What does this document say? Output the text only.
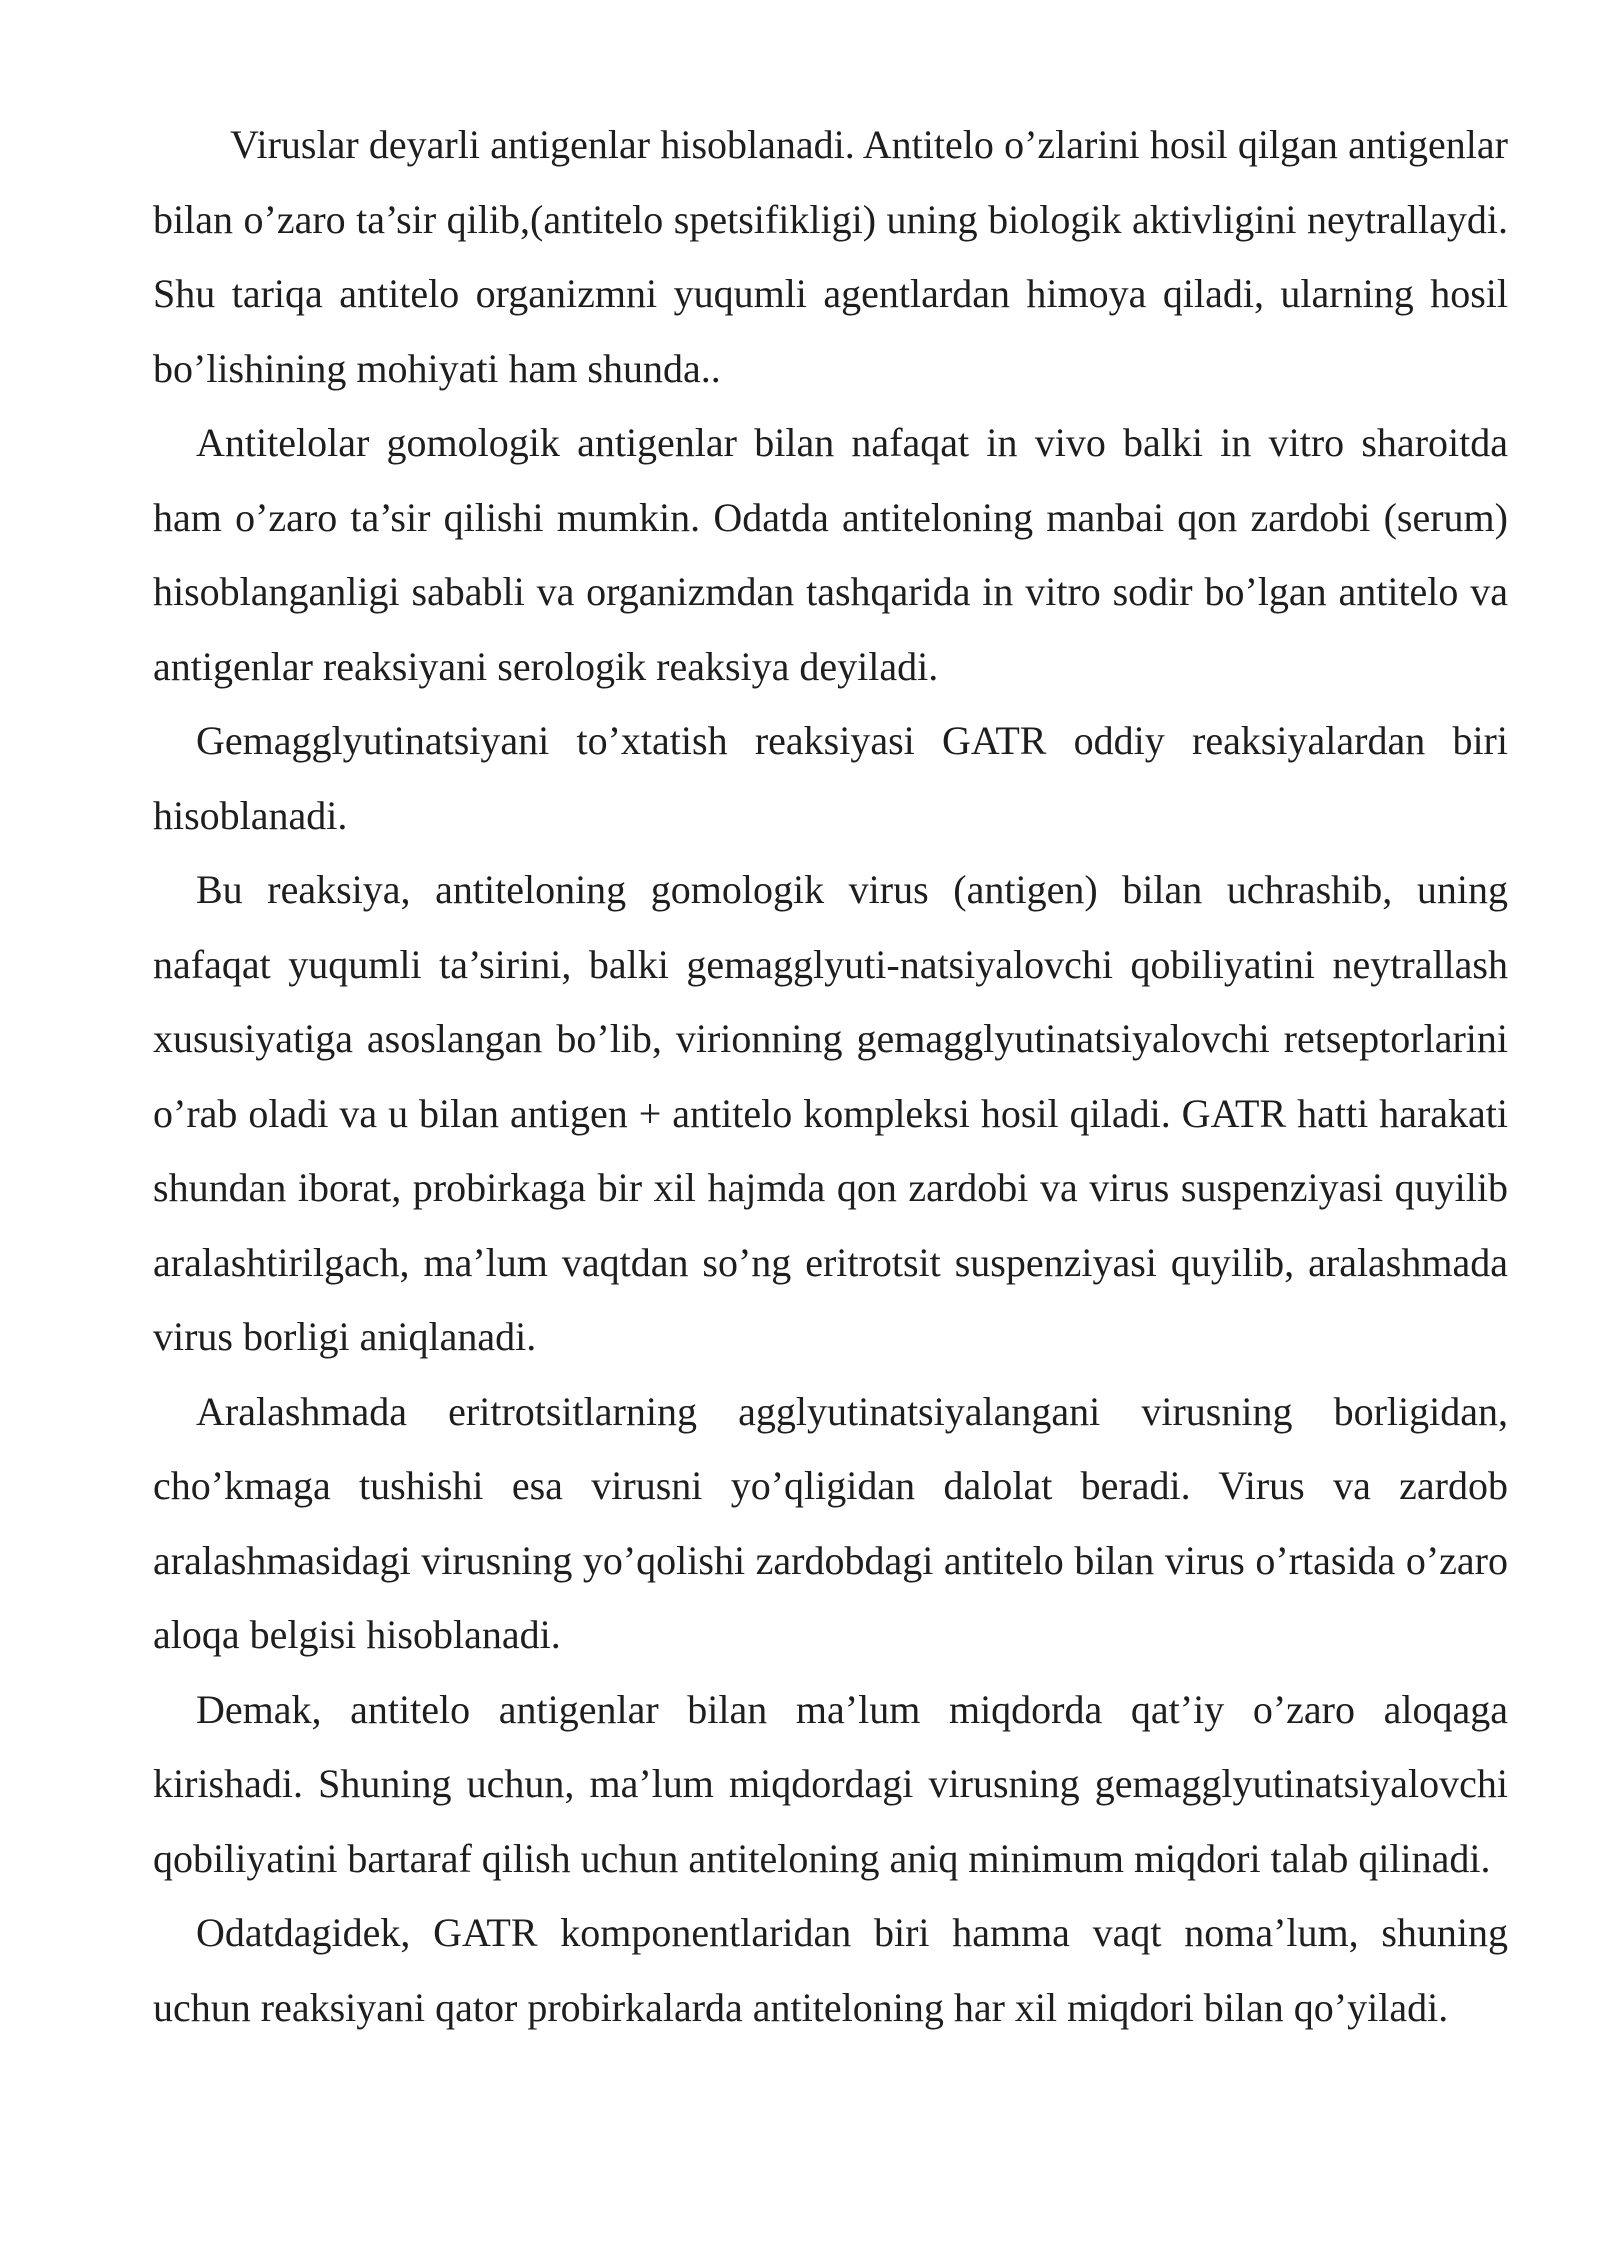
Viruslar deyarli antigenlar hisoblanadi. Antitelo o’zlarini hosil qilgan antigenlar bilan o’zaro ta’sir qilib,(antitelo spetsifikligi) uning biologik aktivligini neytrallaydi. Shu tariqa antitelo organizmni yuqumli agentlardan himoya qiladi, ularning hosil bo’lishining mohiyati ham shunda..

Antitelolar gomologik antigenlar bilan nafaqat in vivo balki in vitro sharoitda ham o’zaro ta’sir qilishi mumkin. Odatda antiteloning manbai qon zardobi (serum) hisoblanganligi sababli va organizmdan tashqarida in vitro sodir bo’lgan antitelo va antigenlar reaksiyani serologik reaksiya deyiladi.

Gemagglyutinatsiyani to’xtatish reaksiyasi GATR oddiy reaksiyalardan biri hisoblanadi.

Bu reaksiya, antiteloning gomologik virus (antigen) bilan uchrashib, uning nafaqat yuqumli ta’sirini, balki gemagglyuti-natsiyalovchi qobiliyatini neytrallash xususiyatiga asoslangan bo’lib, virionning gemagglyutinatsiyalovchi retseptorlarini o’rab oladi va u bilan antigen + antitelo kompleksi hosil qiladi. GATR hatti harakati shundan iborat, probirkaga bir xil hajmda qon zardobi va virus suspenziyasi quyilib aralashtirilgach, ma’lum vaqtdan so’ng eritrotsit suspenziyasi quyilib, aralashmada virus borligi aniqlanadi.

Aralashmada eritrotsitlarning agglyutinatsiyalangani virusning borligidan, cho’kmaga tushishi esa virusni yo’qligidan dalolat beradi. Virus va zardob aralashmasidagi virusning yo’qolishi zardobdagi antitelo bilan virus o’rtasida o’zaro aloqa belgisi hisoblanadi.

Demak, antitelo antigenlar bilan ma’lum miqdorda qat’iy o’zaro aloqaga kirishadi. Shuning uchun, ma’lum miqdordagi virusning gemagglyutinatsiyalovchi qobiliyatini bartaraf qilish uchun antiteloning aniq minimum miqdori talab qilinadi.

Odatdagidek, GATR komponentlaridan biri hamma vaqt noma’lum, shuning uchun reaksiyani qator probirkalarda antiteloning har xil miqdori bilan qo’yiladi.
